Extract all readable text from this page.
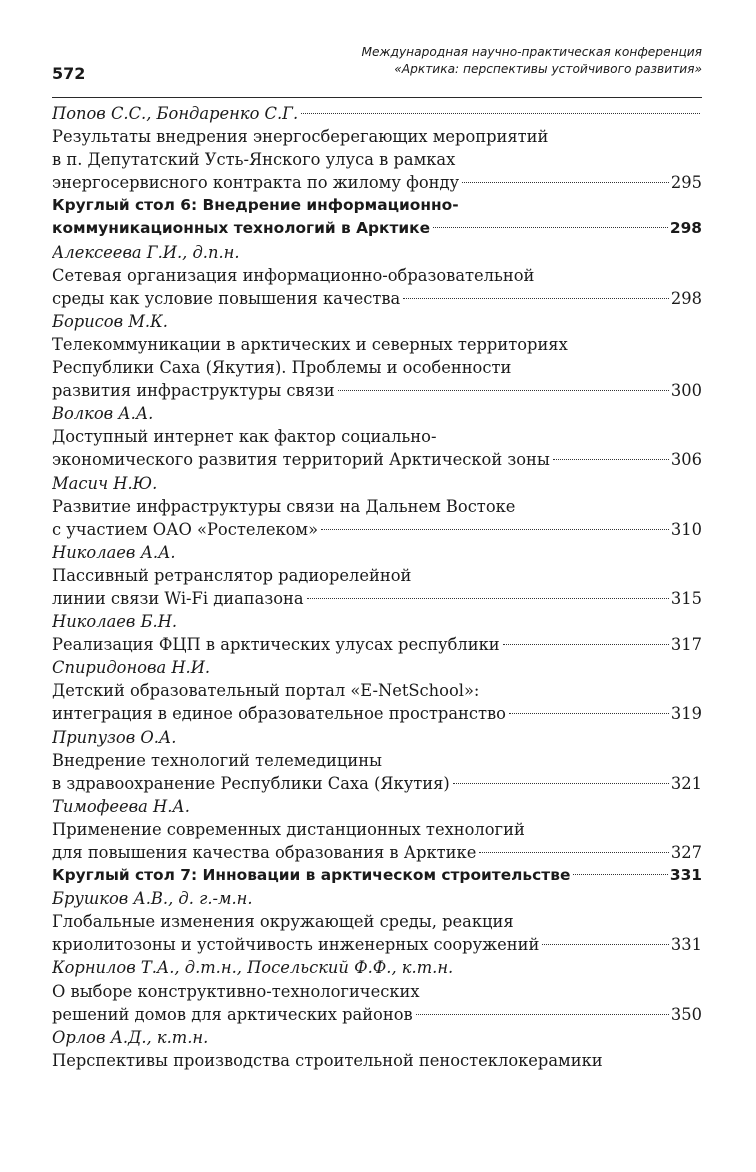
572
Международная научно-практическая конференция
«Арктика: перспективы устойчивого развития»
Попов С.С., Бондаренко С.Г.
Результаты внедрения энергосберегающих мероприятий
в п. Депутатский Усть-Янского улуса в рамках
энергосервисного контракта по жилому фонду	295
Круглый стол 6: Внедрение информационно-
коммуникационных технологий в Арктике	298
Алексеева Г.И., д.п.н.
Сетевая организация информационно-образовательной
среды как условие повышения качества	298
Борисов М.К.
Телекоммуникации в арктических и северных территориях
Республики Саха (Якутия). Проблемы и особенности
развития инфраструктуры связи	300
Волков А.А.
Доступный интернет как фактор социально-
экономического развития территорий Арктической зоны	306
Масич Н.Ю.
Развитие инфраструктуры связи на Дальнем Востоке
с участием ОАО «Ростелеком»	310
Николаев А.А.
Пассивный ретранслятор радиорелейной
линии связи Wi-Fi диапазона	315
Николаев Б.Н.
Реализация ФЦП в арктических улусах республики	317
Спиридонова Н.И.
Детский образовательный портал «E-NetSchool»:
интеграция в единое образовательное пространство	319
Припузов О.А.
Внедрение технологий телемедицины
в здравоохранение Республики Саха (Якутия)	321
Тимофеева Н.А.
Применение современных дистанционных технологий
для повышения качества образования в Арктике	327
Круглый стол 7: Инновации в арктическом строительстве	331
Брушков А.В., д. г.-м.н.
Глобальные изменения окружающей среды, реакция
криолитозоны и устойчивость инженерных сооружений	331
Корнилов Т.А., д.т.н., Посельский Ф.Ф., к.т.н.
О выборе конструктивно-технологических
решений домов для арктических районов	350
Орлов А.Д., к.т.н.
Перспективы производства строительной пеностеклокерамики
